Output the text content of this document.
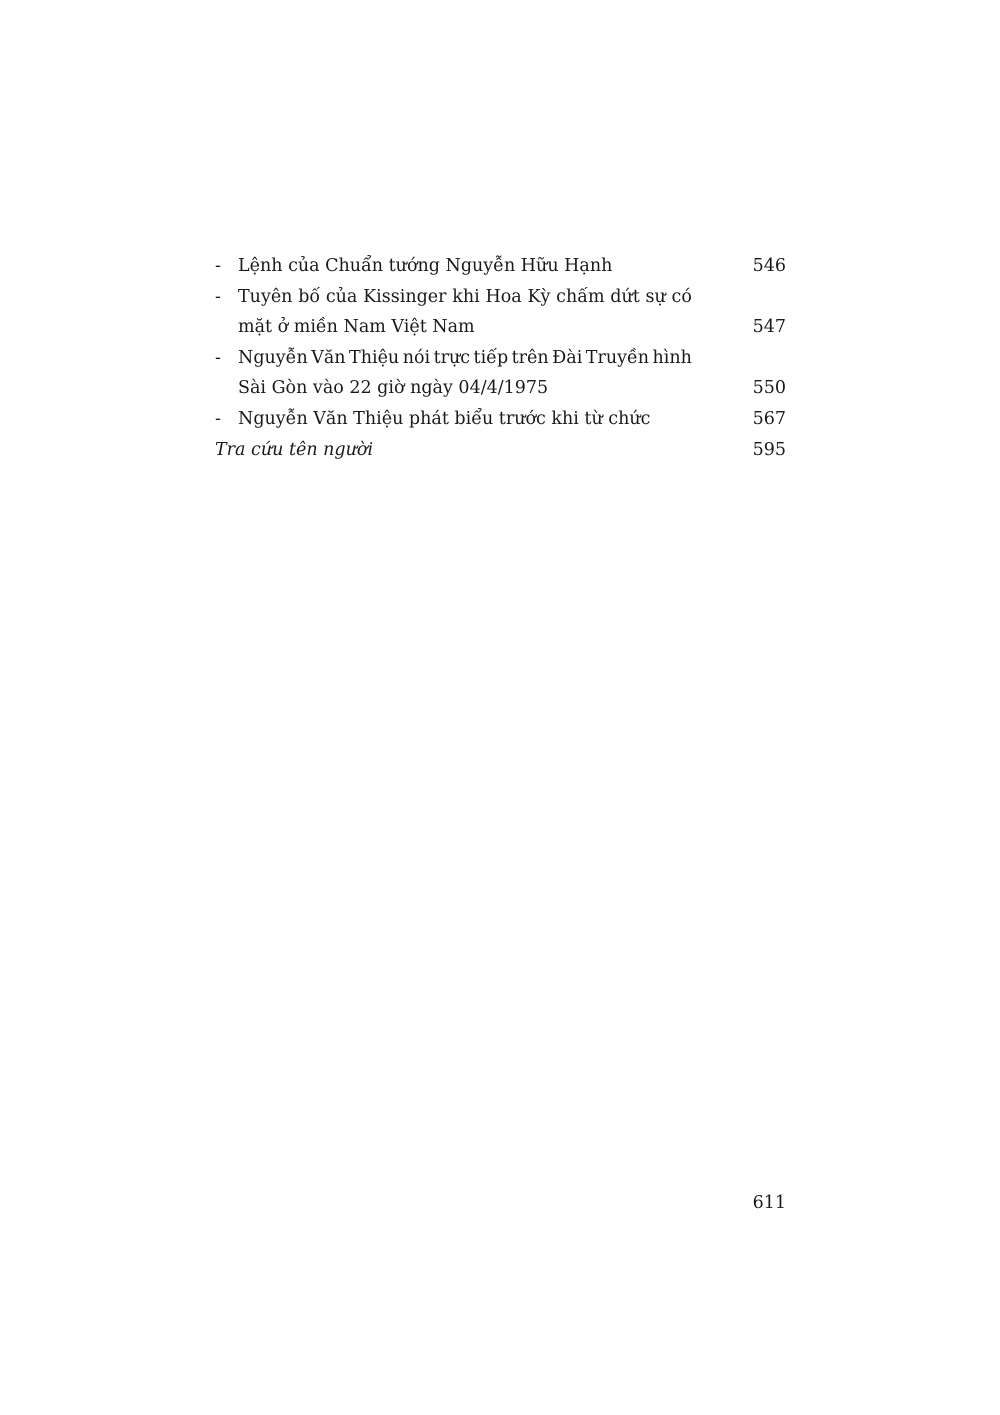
- Lệnh của Chuẩn tướng Nguyễn Hữu Hạnh	546
- Tuyên bố của Kissinger khi Hoa Kỳ chấm dứt sự có
mặt ở miền Nam Việt Nam	547
- Nguyễn Văn Thiệu nói trực tiếp trên Đài Truyền hình
Sài Gòn vào 22 giờ ngày 04/4/1975	550
- Nguyễn Văn Thiệu phát biểu trước khi từ chức	567
Tra cứu tên người	595
611
